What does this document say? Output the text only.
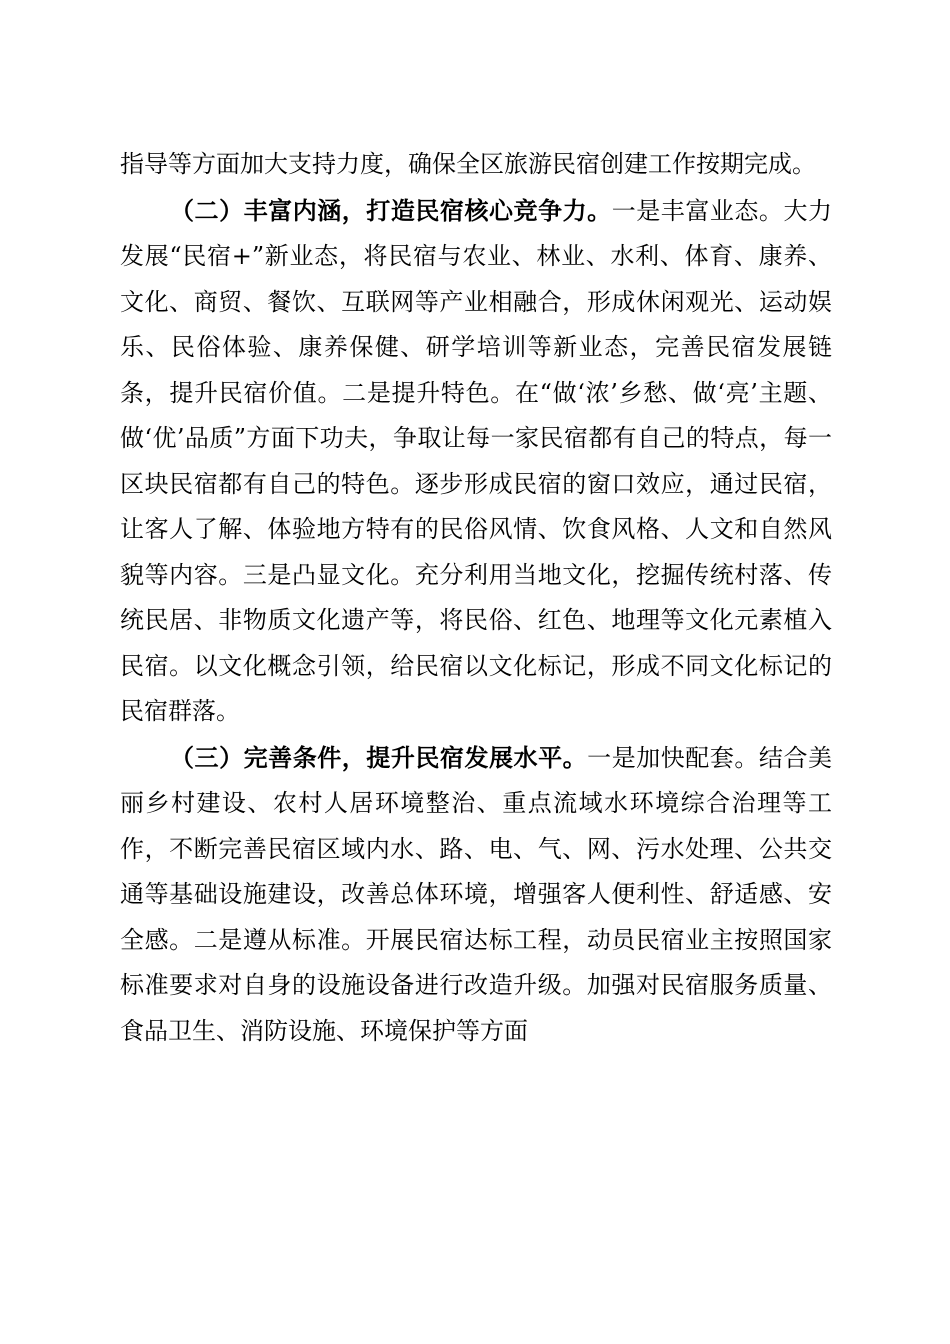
指导等方面加大支持力度，确保全区旅游民宿创建工作按期完成。

（二）丰富内涵，打造民宿核心竞争力。一是丰富业态。大力发展“民宿+”新业态，将民宿与农业、林业、水利、体育、康养、文化、商贸、餐饮、互联网等产业相融合，形成休闲观光、运动娱乐、民俗体验、康养保健、研学培训等新业态，完善民宿发展链条，提升民宿价值。二是提升特色。在“做‘浓’乡愁、做‘亮’主题、做‘优’品质”方面下功夫，争取让每一家民宿都有自己的特点，每一区块民宿都有自己的特色。逐步形成民宿的窗口效应，通过民宿，让客人了解、体验地方特有的民俗风情、饮食风格、人文和自然风貌等内容。三是凸显文化。充分利用当地文化，挖掘传统村落、传统民居、非物质文化遗产等，将民俗、红色、地理等文化元素植入民宿。以文化概念引领，给民宿以文化标记，形成不同文化标记的民宿群落。

（三）完善条件，提升民宿发展水平。一是加快配套。结合美丽乡村建设、农村人居环境整治、重点流域水环境综合治理等工作，不断完善民宿区域内水、路、电、气、网、污水处理、公共交通等基础设施建设，改善总体环境，增强客人便利性、舒适感、安全感。二是遵从标准。开展民宿达标工程，动员民宿业主按照国家标准要求对自身的设施设备进行改造升级。加强对民宿服务质量、食品卫生、消防设施、环境保护等方面
